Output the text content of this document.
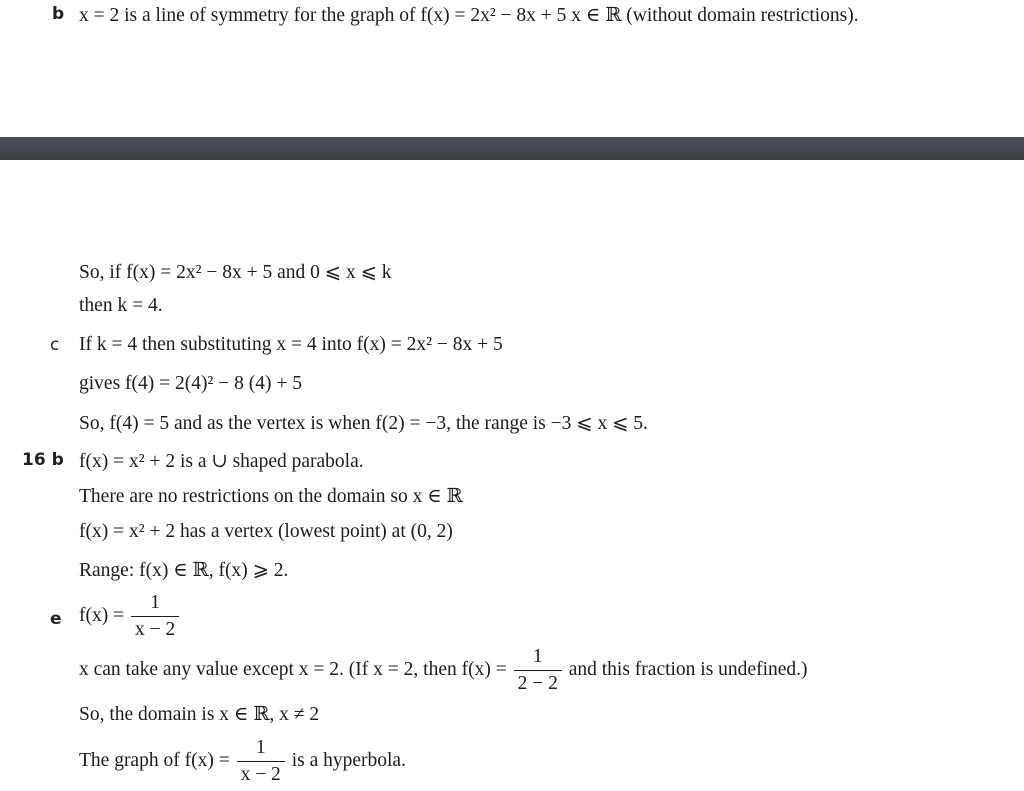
b x = 2 is a line of symmetry for the graph of f(x) = 2x² − 8x + 5 x ∈ ℝ (without domain restrictions).
So, if f(x) = 2x² − 8x + 5 and 0 ⩽ x ⩽ k
then k = 4.
c If k = 4 then substituting x = 4 into f(x) = 2x² − 8x + 5
gives f(4) = 2(4)² − 8 (4) + 5
So, f(4) = 5 and as the vertex is when f(2) = −3, the range is −3 ⩽ x ⩽ 5.
16 b f(x) = x² + 2 is a ∪ shaped parabola.
There are no restrictions on the domain so x ∈ ℝ
f(x) = x² + 2 has a vertex (lowest point) at (0, 2)
Range: f(x) ∈ ℝ, f(x) ⩾ 2.
e $f(x) = \frac{1}{x - 2}$
x can take any value except x = 2. (If x = 2, then $f(x) = \frac{1}{2 - 2}$ and this fraction is undefined.)
So, the domain is x ∈ ℝ, x ≠ 2
The graph of $f(x) = \frac{1}{x - 2}$ is a hyperbola.
